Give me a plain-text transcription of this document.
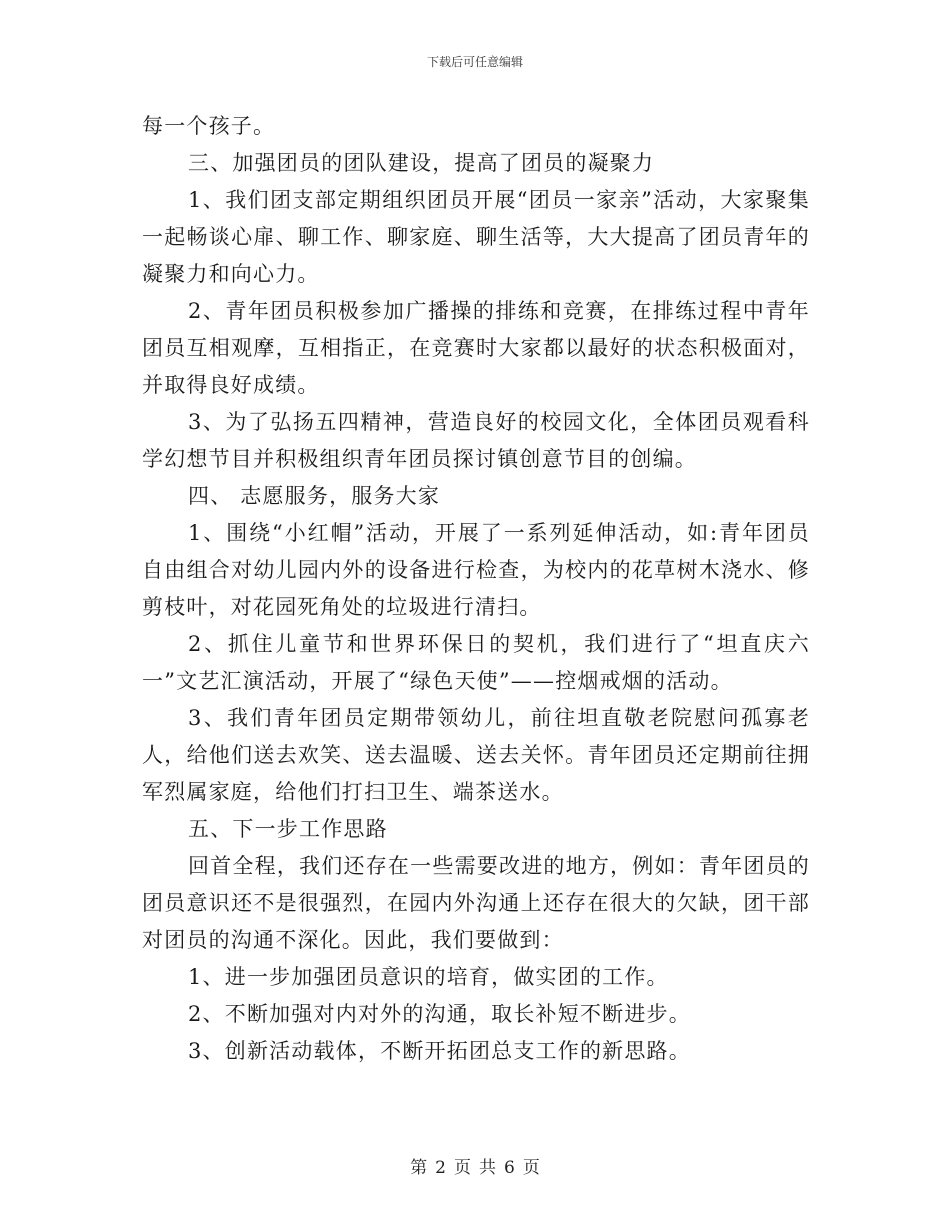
下载后可任意编辑

每一个孩子。

三、加强团员的团队建设，提高了团员的凝聚力

1、我们团支部定期组织团员开展“团员一家亲”活动，大家聚集一起畅谈心扉、聊工作、聊家庭、聊生活等，大大提高了团员青年的凝聚力和向心力。

2、青年团员积极参加广播操的排练和竞赛，在排练过程中青年团员互相观摩，互相指正，在竞赛时大家都以最好的状态积极面对，并取得良好成绩。

3、为了弘扬五四精神，营造良好的校园文化，全体团员观看科学幻想节目并积极组织青年团员探讨镇创意节目的创编。

四、 志愿服务，服务大家

1、围绕“小红帽”活动，开展了一系列延伸活动，如:青年团员自由组合对幼儿园内外的设备进行检查，为校内的花草树木浇水、修剪枝叶，对花园死角处的垃圾进行清扫。

2、抓住儿童节和世界环保日的契机，我们进行了“坦直庆六一”文艺汇演活动，开展了“绿色天使”——控烟戒烟的活动。

3、我们青年团员定期带领幼儿，前往坦直敬老院慰问孤寡老人，给他们送去欢笑、送去温暖、送去关怀。青年团员还定期前往拥军烈属家庭，给他们打扫卫生、端茶送水。

五、下一步工作思路

回首全程，我们还存在一些需要改进的地方，例如：青年团员的团员意识还不是很强烈，在园内外沟通上还存在很大的欠缺，团干部对团员的沟通不深化。因此，我们要做到：

1、进一步加强团员意识的培育，做实团的工作。

2、不断加强对内对外的沟通，取长补短不断进步。

3、创新活动载体，不断开拓团总支工作的新思路。

第 2 页 共 6 页
